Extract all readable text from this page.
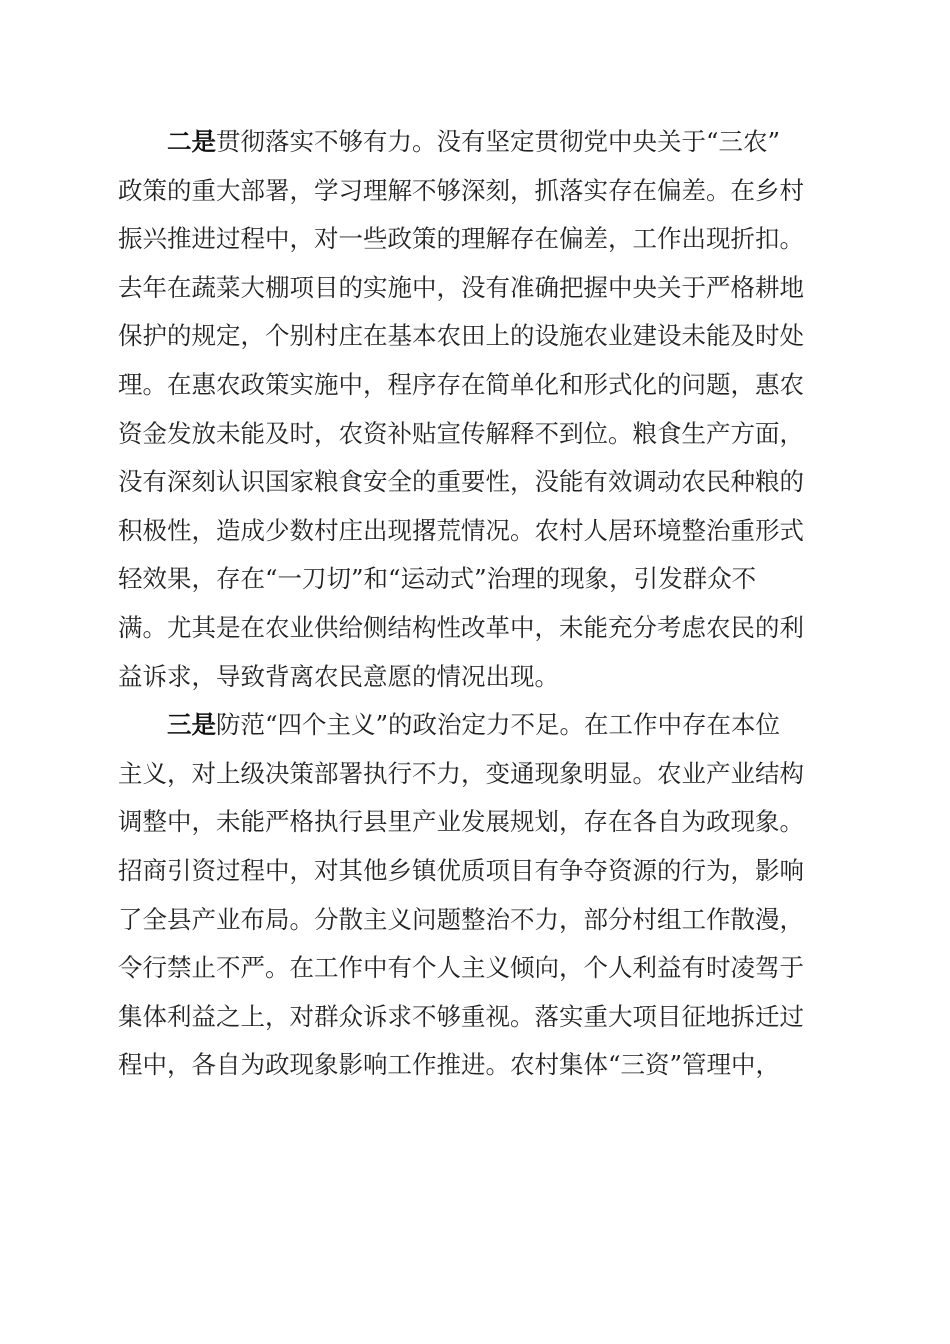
二是贯彻落实不够有力。没有坚定贯彻党中央关于“三农”
政策的重大部署，学习理解不够深刻，抓落实存在偏差。在乡村
振兴推进过程中，对一些政策的理解存在偏差，工作出现折扣。
去年在蔬菜大棚项目的实施中，没有准确把握中央关于严格耕地
保护的规定，个别村庄在基本农田上的设施农业建设未能及时处
理。在惠农政策实施中，程序存在简单化和形式化的问题，惠农
资金发放未能及时，农资补贴宣传解释不到位。粮食生产方面，
没有深刻认识国家粮食安全的重要性，没能有效调动农民种粮的
积极性，造成少数村庄出现撂荒情况。农村人居环境整治重形式
轻效果，存在“一刀切”和“运动式”治理的现象，引发群众不
满。尤其是在农业供给侧结构性改革中，未能充分考虑农民的利
益诉求，导致背离农民意愿的情况出现。
三是防范“四个主义”的政治定力不足。在工作中存在本位
主义，对上级决策部署执行不力，变通现象明显。农业产业结构
调整中，未能严格执行县里产业发展规划，存在各自为政现象。
招商引资过程中，对其他乡镇优质项目有争夺资源的行为，影响
了全县产业布局。分散主义问题整治不力，部分村组工作散漫，
令行禁止不严。在工作中有个人主义倾向，个人利益有时凌驾于
集体利益之上，对群众诉求不够重视。落实重大项目征地拆迁过
程中，各自为政现象影响工作推进。农村集体“三资”管理中，
